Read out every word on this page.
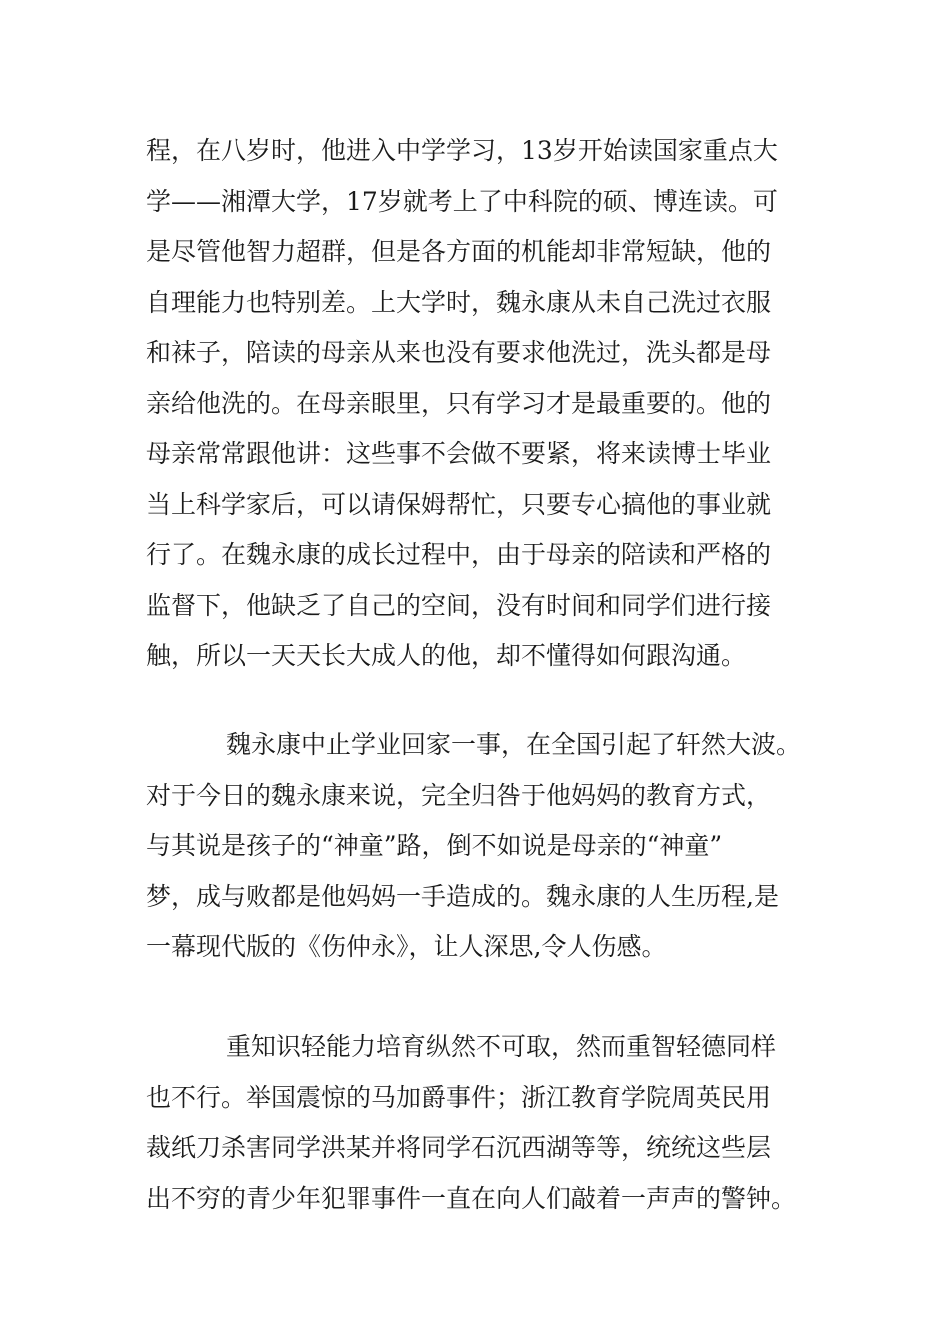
程，在八岁时，他进入中学学习，13岁开始读国家重点大
学——湘潭大学，17岁就考上了中科院的硕、博连读。可
是尽管他智力超群，但是各方面的机能却非常短缺，他的
自理能力也特别差。上大学时，魏永康从未自己洗过衣服
和袜子，陪读的母亲从来也没有要求他洗过，洗头都是母
亲给他洗的。在母亲眼里，只有学习才是最重要的。他的
母亲常常跟他讲：这些事不会做不要紧，将来读博士毕业
当上科学家后，可以请保姆帮忙，只要专心搞他的事业就
行了。在魏永康的成长过程中，由于母亲的陪读和严格的
监督下，他缺乏了自己的空间，没有时间和同学们进行接
触，所以一天天长大成人的他，却不懂得如何跟沟通。
魏永康中止学业回家一事，在全国引起了轩然大波。
对于今日的魏永康来说，完全归咎于他妈妈的教育方式，
与其说是孩子的“神童”路，倒不如说是母亲的“神童”
梦，成与败都是他妈妈一手造成的。魏永康的人生历程,是
一幕现代版的《伤仲永》，让人深思,令人伤感。
重知识轻能力培育纵然不可取，然而重智轻德同样
也不行。举国震惊的马加爵事件；浙江教育学院周英民用
裁纸刀杀害同学洪某并将同学石沉西湖等等，统统这些层
出不穷的青少年犯罪事件一直在向人们敲着一声声的警钟。
